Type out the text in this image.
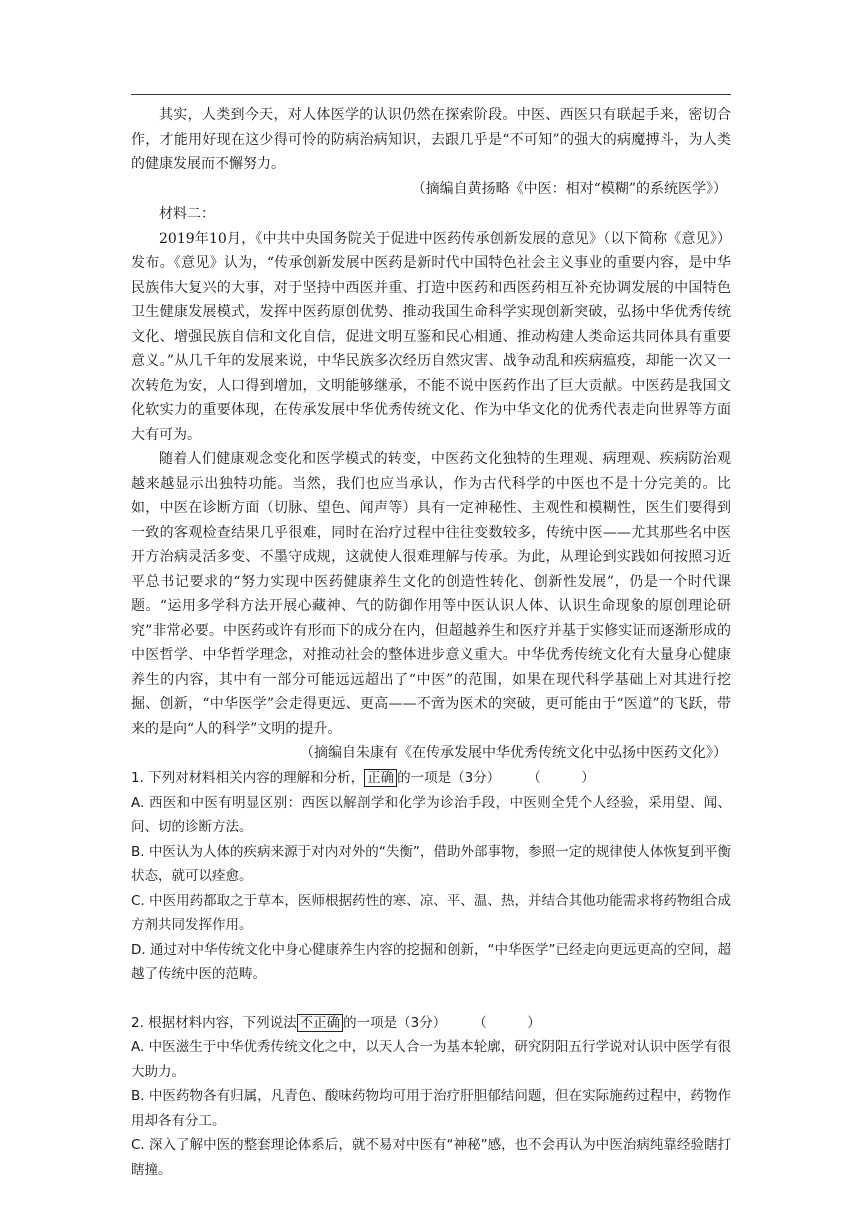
其实，人类到今天，对人体医学的认识仍然在探索阶段。中医、西医只有联起手来，密切合作，才能用好现在这少得可怜的防病治病知识，去跟几乎是“不可知”的强大的病魔搏斗，为人类的健康发展而不懈努力。

（摘编自黄扬略《中医：相对“模糊”的系统医学》）

材料二：

2019年10月，《中共中央国务院关于促进中医药传承创新发展的意见》（以下简称《意见》）发布。《意见》认为，“传承创新发展中医药是新时代中国特色社会主义事业的重要内容，是中华民族伟大复兴的大事，对于坚持中西医并重、打造中医药和西医药相互补充协调发展的中国特色卫生健康发展模式，发挥中医药原创优势、推动我国生命科学实现创新突破，弘扬中华优秀传统文化、增强民族自信和文化自信，促进文明互鉴和民心相通、推动构建人类命运共同体具有重要意义。”从几千年的发展来说，中华民族多次经历自然灾害、战争动乱和疾病瘟疫，却能一次又一次转危为安，人口得到增加，文明能够继承，不能不说中医药作出了巨大贡献。中医药是我国文化软实力的重要体现，在传承发展中华优秀传统文化、作为中华文化的优秀代表走向世界等方面大有可为。

随着人们健康观念变化和医学模式的转变，中医药文化独特的生理观、病理观、疾病防治观越来越显示出独特功能。当然，我们也应当承认，作为古代科学的中医也不是十分完美的。比如，中医在诊断方面（切脉、望色、闻声等）具有一定神秘性、主观性和模糊性，医生们要得到一致的客观检查结果几乎很难，同时在治疗过程中往往变数较多，传统中医——尤其那些名中医开方治病灵活多变、不墨守成规，这就使人很难理解与传承。为此，从理论到实践如何按照习近平总书记要求的“努力实现中医药健康养生文化的创造性转化、创新性发展”，仍是一个时代课题。“运用多学科方法开展心藏神、气的防御作用等中医认识人体、认识生命现象的原创理论研究”非常必要。中医药或许有形而下的成分在内，但超越养生和医疗并基于实修实证而逐渐形成的中医哲学、中华哲学理念，对推动社会的整体进步意义重大。中华优秀传统文化有大量身心健康养生的内容，其中有一部分可能远远超出了“中医”的范围，如果在现代科学基础上对其进行挖掘、创新，“中华医学”会走得更远、更高——不啻为医术的突破，更可能由于“医道”的飞跃，带来的是向“人的科学”文明的提升。

（摘编自朱康有《在传承发展中华优秀传统文化中弘扬中医药文化》）

1. 下列对材料相关内容的理解和分析， 正确 的一项是（3分）　　　（　　　）

A. 西医和中医有明显区别：西医以解剖学和化学为诊治手段，中医则全凭个人经验，采用望、闻、问、切的诊断方法。

B. 中医认为人体的疾病来源于对内对外的“失衡”，借助外部事物，参照一定的规律使人体恢复到平衡状态，就可以痊愈。

C. 中医用药都取之于草本，医师根据药性的寒、凉、平、温、热，并结合其他功能需求将药物组合成方剂共同发挥作用。

D. 通过对中华传统文化中身心健康养生内容的挖掘和创新，“中华医学”已经走向更远更高的空间，超越了传统中医的范畴。

2. 根据材料内容，下列说法 不正确 的一项是（3分）　　　（　　　）

A. 中医滋生于中华优秀传统文化之中，以天人合一为基本轮廓，研究阴阳五行学说对认识中医学有很大助力。

B. 中医药物各有归属，凡青色、酸味药物均可用于治疗肝胆郁结问题，但在实际施药过程中，药物作用却各有分工。

C. 深入了解中医的整套理论体系后，就不易对中医有“神秘”感，也不会再认为中医治病纯靠经验瞎打瞎撞。
